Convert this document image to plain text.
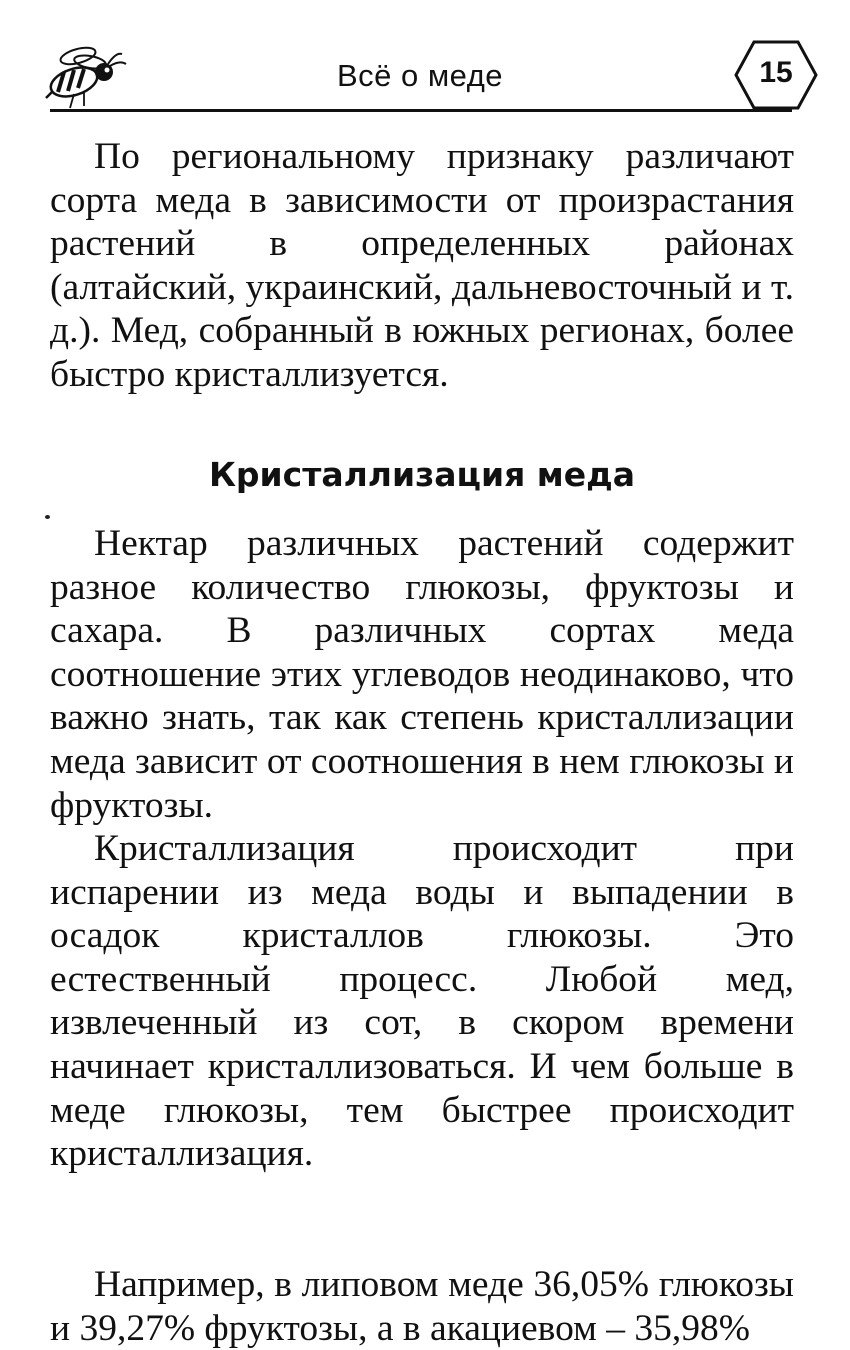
Всё о меде	15

По региональному признаку различают сорта меда в зависимости от произрастания растений в определенных районах (алтайский, украинский, дальневосточный и т. д.). Мед, собранный в южных регионах, более быстро кристаллизуется.

Кристаллизация меда

Нектар различных растений содержит разное количество глюкозы, фруктозы и сахара. В различных сортах меда соотношение этих углеводов неодинаково, что важно знать, так как степень кристаллизации меда зависит от соотношения в нем глюкозы и фруктозы.

Кристаллизация происходит при испарении из меда воды и выпадении в осадок кристаллов глюкозы. Это естественный процесс. Любой мед, извлеченный из сот, в скором времени начинает кристаллизоваться. И чем больше в меде глюкозы, тем быстрее происходит кристаллизация.

Например, в липовом меде 36,05% глюкозы и 39,27% фруктозы, а в акациевом – 35,98%
